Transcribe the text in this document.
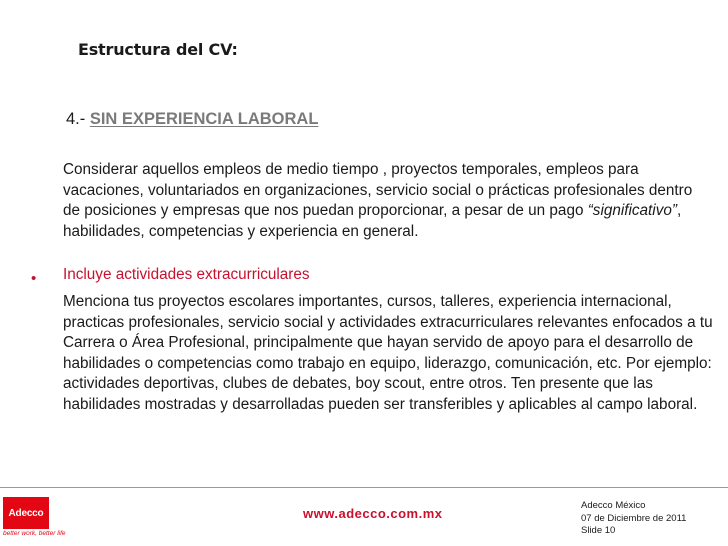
Estructura del CV:
4.- SIN EXPERIENCIA LABORAL
Considerar aquellos empleos de medio tiempo , proyectos temporales, empleos para vacaciones, voluntariados en organizaciones, servicio social o prácticas profesionales dentro de posiciones y empresas que nos puedan proporcionar, a pesar de un pago “significativo”, habilidades, competencias y experiencia en general.
• Incluye actividades extracurriculares
Menciona tus proyectos escolares importantes, cursos, talleres, experiencia internacional, practicas profesionales, servicio social y actividades extracurriculares relevantes enfocados a tu Carrera o Área Profesional, principalmente que hayan servido de apoyo para el desarrollo de habilidades o competencias como trabajo en equipo, liderazgo, comunicación, etc. Por ejemplo: actividades deportivas, clubes de debates, boy scout, entre otros. Ten presente que las habilidades mostradas y desarrolladas pueden ser transferibles y aplicables al campo laboral.
Adecco
better work, better life
www.adecco.com.mx
Adecco México
07 de Diciembre de 2011
Slide 10
